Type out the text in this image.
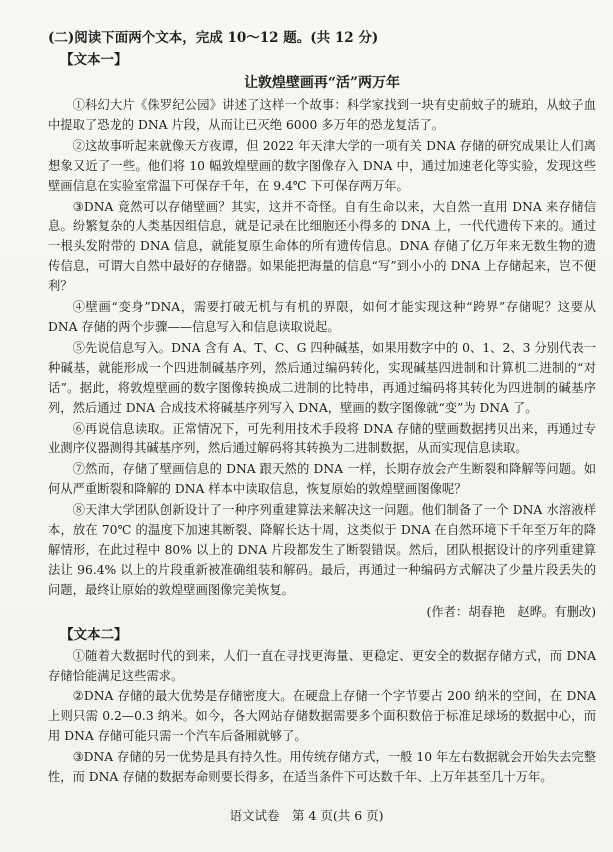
(二)阅读下面两个文本，完成 10～12 题。(共 12 分)
【文本一】
让敦煌壁画再“活”两万年

①科幻大片《侏罗纪公园》讲述了这样一个故事：科学家找到一块有史前蚊子的琥珀，从蚊子血中提取了恐龙的 DNA 片段，从而让已灭绝 6000 多万年的恐龙复活了。

②这故事听起来就像天方夜谭，但 2022 年天津大学的一项有关 DNA 存储的研究成果让人们离想象又近了一些。他们将 10 幅敦煌壁画的数字图像存入 DNA 中，通过加速老化等实验，发现这些壁画信息在实验室常温下可保存千年，在 9.4℃ 下可保存两万年。

③DNA 竟然可以存储壁画？其实，这并不奇怪。自有生命以来，大自然一直用 DNA 来存储信息。纷繁复杂的人类基因组信息，就是记录在比细胞还小得多的 DNA 上，一代代遗传下来的。通过一根头发附带的 DNA 信息，就能复原生命体的所有遗传信息。DNA 存储了亿万年来无数生物的遗传信息，可谓大自然中最好的存储器。如果能把海量的信息“写”到小小的 DNA 上存储起来，岂不便利？

④壁画“变身”DNA，需要打破无机与有机的界限，如何才能实现这种“跨界”存储呢？这要从 DNA 存储的两个步骤——信息写入和信息读取说起。

⑤先说信息写入。DNA 含有 A、T、C、G 四种碱基，如果用数字中的 0、1、2、3 分别代表一种碱基，就能形成一个四进制碱基序列，然后通过编码转化，实现碱基四进制和计算机二进制的“对话”。据此，将敦煌壁画的数字图像转换成二进制的比特串，再通过编码将其转化为四进制的碱基序列，然后通过 DNA 合成技术将碱基序列写入 DNA，壁画的数字图像就“变”为 DNA 了。

⑥再说信息读取。正常情况下，可先利用技术手段将 DNA 存储的壁画数据拷贝出来，再通过专业测序仪器测得其碱基序列，然后通过解码将其转换为二进制数据，从而实现信息读取。

⑦然而，存储了壁画信息的 DNA 跟天然的 DNA 一样，长期存放会产生断裂和降解等问题。如何从严重断裂和降解的 DNA 样本中读取信息，恢复原始的敦煌壁画图像呢？

⑧天津大学团队创新设计了一种序列重建算法来解决这一问题。他们制备了一个 DNA 水溶液样本，放在 70℃ 的温度下加速其断裂、降解长达十周，这类似于 DNA 在自然环境下千年至万年的降解情形，在此过程中 80% 以上的 DNA 片段都发生了断裂错误。然后，团队根据设计的序列重建算法让 96.4% 以上的片段重新被准确组装和解码。最后，再通过一种编码方式解决了少量片段丢失的问题，最终让原始的敦煌壁画图像完美恢复。

(作者：胡春艳　赵晔。有删改)
【文本二】

①随着大数据时代的到来，人们一直在寻找更海量、更稳定、更安全的数据存储方式，而 DNA 存储恰能满足这些需求。

②DNA 存储的最大优势是存储密度大。在硬盘上存储一个字节要占 200 纳米的空间，在 DNA 上则只需 0.2—0.3 纳米。如今，各大网站存储数据需要多个面积数倍于标准足球场的数据中心，而用 DNA 存储可能只需一个汽车后备厢就够了。

③DNA 存储的另一优势是具有持久性。用传统存储方式，一般 10 年左右数据就会开始失去完整性，而 DNA 存储的数据寿命则要长得多，在适当条件下可达数千年、上万年甚至几十万年。

语文试卷　第 4 页(共 6 页)
